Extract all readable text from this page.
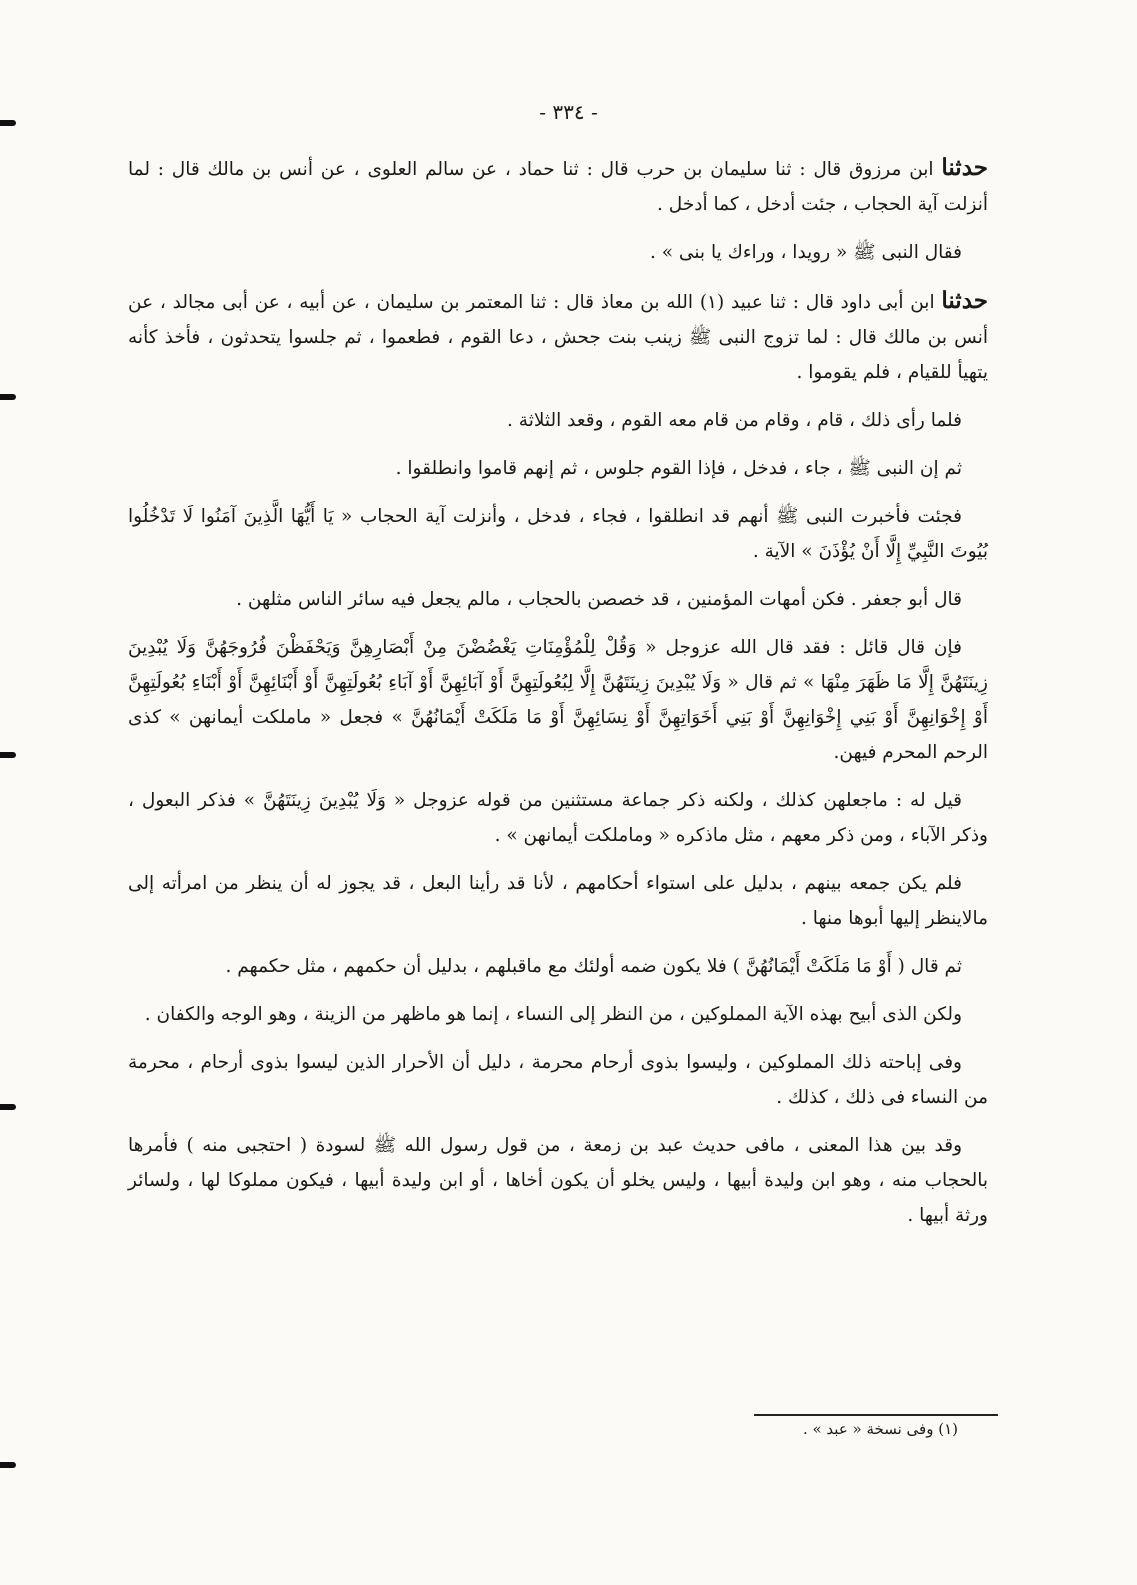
- ٣٣٤ -

حدثنا ابن مرزوق قال : ثنا سليمان بن حرب قال : ثنا حماد ، عن سالم العلوى ، عن أنس بن مالك قال : لما أنزلت آية الحجاب ، جئت أدخل ، كما أدخل .

فقال النبى ﷺ « رويدا ، وراءك يا بنى » .

حدثنا ابن أبى داود قال : ثنا عبيد (١) الله بن معاذ قال : ثنا المعتمر بن سليمان ، عن أبيه ، عن أبى مجالد ، عن أنس بن مالك قال : لما تزوج النبى ﷺ زينب بنت جحش ، دعا القوم ، فطعموا ، ثم جلسوا يتحدثون ، فأخذ كأنه يتهيأ للقيام ، فلم يقوموا .

فلما رأى ذلك ، قام ، وقام من قام معه القوم ، وقعد الثلاثة .

ثم إن النبى ﷺ ، جاء ، فدخل ، فإذا القوم جلوس ، ثم إنهم قاموا وانطلقوا .

فجئت فأخبرت النبى ﷺ أنهم قد انطلقوا ، فجاء ، فدخل ، وأنزلت آية الحجاب « يَا أَيُّهَا الَّذِينَ آمَنُوا لَا تَدْخُلُوا بُيُوتَ النَّبِيِّ إِلَّا أَنْ يُؤْذَنَ » الآية .

قال أبو جعفر . فكن أمهات المؤمنين ، قد خصصن بالحجاب ، مالم يجعل فيه سائر الناس مثلهن .

فإن قال قائل : فقد قال الله عزوجل « وَقُلْ لِلْمُؤْمِنَاتِ يَغْضُضْنَ مِنْ أَبْصَارِهِنَّ وَيَحْفَظْنَ فُرُوجَهُنَّ وَلَا يُبْدِينَ زِينَتَهُنَّ إِلَّا مَا ظَهَرَ مِنْهَا » ثم قال « وَلَا يُبْدِينَ زِينَتَهُنَّ إِلَّا لِبُعُولَتِهِنَّ أَوْ آبَائِهِنَّ أَوْ آبَاءِ بُعُولَتِهِنَّ أَوْ أَبْنَائِهِنَّ أَوْ أَبْنَاءِ بُعُولَتِهِنَّ أَوْ إِخْوَانِهِنَّ أَوْ بَنِي إِخْوَانِهِنَّ أَوْ بَنِي أَخَوَاتِهِنَّ أَوْ نِسَائِهِنَّ أَوْ مَا مَلَكَتْ أَيْمَانُهُنَّ » فجعل « ماملكت أيمانهن » كذى الرحم المحرم فيهن.

قيل له : ماجعلهن كذلك ، ولكنه ذكر جماعة مستثنين من قوله عزوجل « وَلَا يُبْدِينَ زِينَتَهُنَّ » فذكر البعول ، وذكر الآباء ، ومن ذكر معهم ، مثل ماذكره « وماملكت أيمانهن » .

فلم يكن جمعه بينهم ، بدليل على استواء أحكامهم ، لأنا قد رأينا البعل ، قد يجوز له أن ينظر من امرأته إلى مالاينظر إليها أبوها منها .

ثم قال ( أَوْ مَا مَلَكَتْ أَيْمَانُهُنَّ ) فلا يكون ضمه أولئك مع ماقبلهم ، بدليل أن حكمهم ، مثل حكمهم .

ولكن الذى أبيح بهذه الآية المملوكين ، من النظر إلى النساء ، إنما هو ماظهر من الزينة ، وهو الوجه والكفان .

وفى إباحته ذلك المملوكين ، وليسوا بذوى أرحام محرمة ، دليل أن الأحرار الذين ليسوا بذوى أرحام ، محرمة من النساء فى ذلك ، كذلك .

وقد بين هذا المعنى ، مافى حديث عبد بن زمعة ، من قول رسول الله ﷺ لسودة ( احتجبى منه ) فأمرها بالحجاب منه ، وهو ابن وليدة أبيها ، وليس يخلو أن يكون أخاها ، أو ابن وليدة أبيها ، فيكون مملوكا لها ، ولسائر ورثة أبيها .

(١) وفى نسخة « عبد » .
